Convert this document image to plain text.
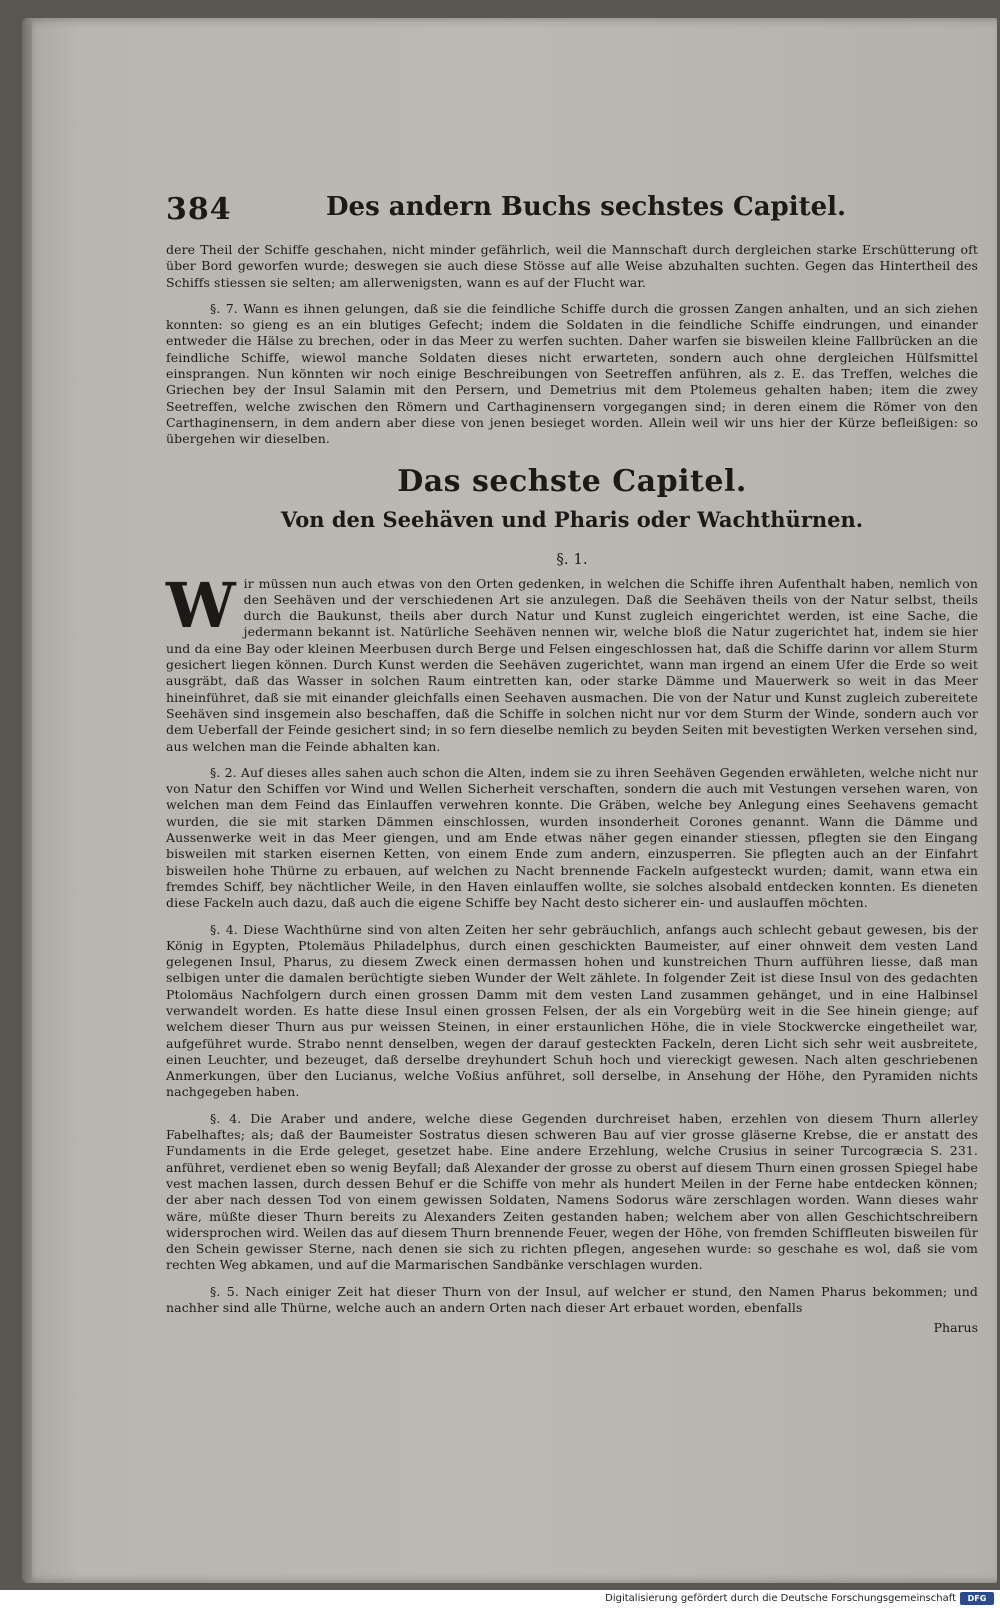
384	Des andern Buchs sechstes Capitel.

dere Theil der Schiffe geschahen, nicht minder gefährlich, weil die Mannschaft durch dergleichen starke Erschütterung oft über Bord geworfen wurde; deswegen sie auch diese Stösse auf alle Weise abzuhalten suchten. Gegen das Hintertheil des Schiffs stiessen sie selten; am allerwenigsten, wann es auf der Flucht war.

§. 7. Wann es ihnen gelungen, daß sie die feindliche Schiffe durch die grossen Zangen anhalten, und an sich ziehen konnten: so gieng es an ein blutiges Gefecht; indem die Soldaten in die feindliche Schiffe eindrungen, und einander entweder die Hälse zu brechen, oder in das Meer zu werfen suchten. Daher warfen sie bisweilen kleine Fallbrücken an die feindliche Schiffe, wiewol manche Soldaten dieses nicht erwarteten, sondern auch ohne dergleichen Hülfsmittel einsprangen. Nun könnten wir noch einige Beschreibungen von Seetreffen anführen, als z. E. das Treffen, welches die Griechen bey der Insul Salamin mit den Persern, und Demetrius mit dem Ptolemeus gehalten haben; item die zwey Seetreffen, welche zwischen den Römern und Carthaginensern vorgegangen sind; in deren einem die Römer von den Carthaginensern, in dem andern aber diese von jenen besieget worden. Allein weil wir uns hier der Kürze befleißigen: so übergehen wir dieselben.

Das sechste Capitel.
Von den Seehäven und Pharis oder Wachthürnen.
§. 1.
W ir müssen nun auch etwas von den Orten gedenken, in welchen die Schiffe ihren Aufenthalt haben, nemlich von den Seehäven und der verschiedenen Art sie anzulegen. Daß die Seehäven theils von der Natur selbst, theils durch die Baukunst, theils aber durch Natur und Kunst zugleich eingerichtet werden, ist eine Sache, die jedermann bekannt ist. Natürliche Seehäven nennen wir, welche bloß die Natur zugerichtet hat, indem sie hier und da eine Bay oder kleinen Meerbusen durch Berge und Felsen eingeschlossen hat, daß die Schiffe darinn vor allem Sturm gesichert liegen können. Durch Kunst werden die Seehäven zugerichtet, wann man irgend an einem Ufer die Erde so weit ausgräbt, daß das Wasser in solchen Raum eintretten kan, oder starke Dämme und Mauerwerk so weit in das Meer hineinführet, daß sie mit einander gleichfalls einen Seehaven ausmachen. Die von der Natur und Kunst zugleich zubereitete Seehäven sind insgemein also beschaffen, daß die Schiffe in solchen nicht nur vor dem Sturm der Winde, sondern auch vor dem Ueberfall der Feinde gesichert sind; in so fern dieselbe nemlich zu beyden Seiten mit bevestigten Werken versehen sind, aus welchen man die Feinde abhalten kan.

§. 2. Auf dieses alles sahen auch schon die Alten, indem sie zu ihren Seehäven Gegenden erwähleten, welche nicht nur von Natur den Schiffen vor Wind und Wellen Sicherheit verschaften, sondern die auch mit Vestungen versehen waren, von welchen man dem Feind das Einlauffen verwehren konnte. Die Gräben, welche bey Anlegung eines Seehavens gemacht wurden, die sie mit starken Dämmen einschlossen, wurden insonderheit Corones genannt. Wann die Dämme und Aussenwerke weit in das Meer giengen, und am Ende etwas näher gegen einander stiessen, pflegten sie den Eingang bisweilen mit starken eisernen Ketten, von einem Ende zum andern, einzusperren. Sie pflegten auch an der Einfahrt bisweilen hohe Thürne zu erbauen, auf welchen zu Nacht brennende Fackeln aufgesteckt wurden; damit, wann etwa ein fremdes Schiff, bey nächtlicher Weile, in den Haven einlauffen wollte, sie solches alsobald entdecken konnten. Es dieneten diese Fackeln auch dazu, daß auch die eigene Schiffe bey Nacht desto sicherer ein- und auslauffen möchten.

§. 4. Diese Wachthürne sind von alten Zeiten her sehr gebräuchlich, anfangs auch schlecht gebaut gewesen, bis der König in Egypten, Ptolemäus Philadelphus, durch einen geschickten Baumeister, auf einer ohnweit dem vesten Land gelegenen Insul, Pharus, zu diesem Zweck einen dermassen hohen und kunstreichen Thurn aufführen liesse, daß man selbigen unter die damalen berüchtigte sieben Wunder der Welt zählete. In folgender Zeit ist diese Insul von des gedachten Ptolomäus Nachfolgern durch einen grossen Damm mit dem vesten Land zusammen gehänget, und in eine Halbinsel verwandelt worden. Es hatte diese Insul einen grossen Felsen, der als ein Vorgebürg weit in die See hinein gienge; auf welchem dieser Thurn aus pur weissen Steinen, in einer erstaunlichen Höhe, die in viele Stockwercke eingetheilet war, aufgeführet wurde. Strabo nennt denselben, wegen der darauf gesteckten Fackeln, deren Licht sich sehr weit ausbreitete, einen Leuchter, und bezeuget, daß derselbe dreyhundert Schuh hoch und viereckigt gewesen. Nach alten geschriebenen Anmerkungen, über den Lucianus, welche Voßius anführet, soll derselbe, in Ansehung der Höhe, den Pyramiden nichts nachgegeben haben.

§. 4. Die Araber und andere, welche diese Gegenden durchreiset haben, erzehlen von diesem Thurn allerley Fabelhaftes; als; daß der Baumeister Sostratus diesen schweren Bau auf vier grosse gläserne Krebse, die er anstatt des Fundaments in die Erde geleget, gesetzet habe. Eine andere Erzehlung, welche Crusius in seiner Turcogræcia S. 231. anführet, verdienet eben so wenig Beyfall; daß Alexander der grosse zu oberst auf diesem Thurn einen grossen Spiegel habe vest machen lassen, durch dessen Behuf er die Schiffe von mehr als hundert Meilen in der Ferne habe entdecken können; der aber nach dessen Tod von einem gewissen Soldaten, Namens Sodorus wäre zerschlagen worden. Wann dieses wahr wäre, müßte dieser Thurn bereits zu Alexanders Zeiten gestanden haben; welchem aber von allen Geschichtschreibern widersprochen wird. Weilen das auf diesem Thurn brennende Feuer, wegen der Höhe, von fremden Schiffleuten bisweilen für den Schein gewisser Sterne, nach denen sie sich zu richten pflegen, angesehen wurde: so geschahe es wol, daß sie vom rechten Weg abkamen, und auf die Marmarischen Sandbänke verschlagen wurden.

§. 5. Nach einiger Zeit hat dieser Thurn von der Insul, auf welcher er stund, den Namen Pharus bekommen; und nachher sind alle Thürne, welche auch an andern Orten nach dieser Art erbauet worden, ebenfalls

Pharus
Digitalisierung gefördert durch die Deutsche Forschungsgemeinschaft	DFG
